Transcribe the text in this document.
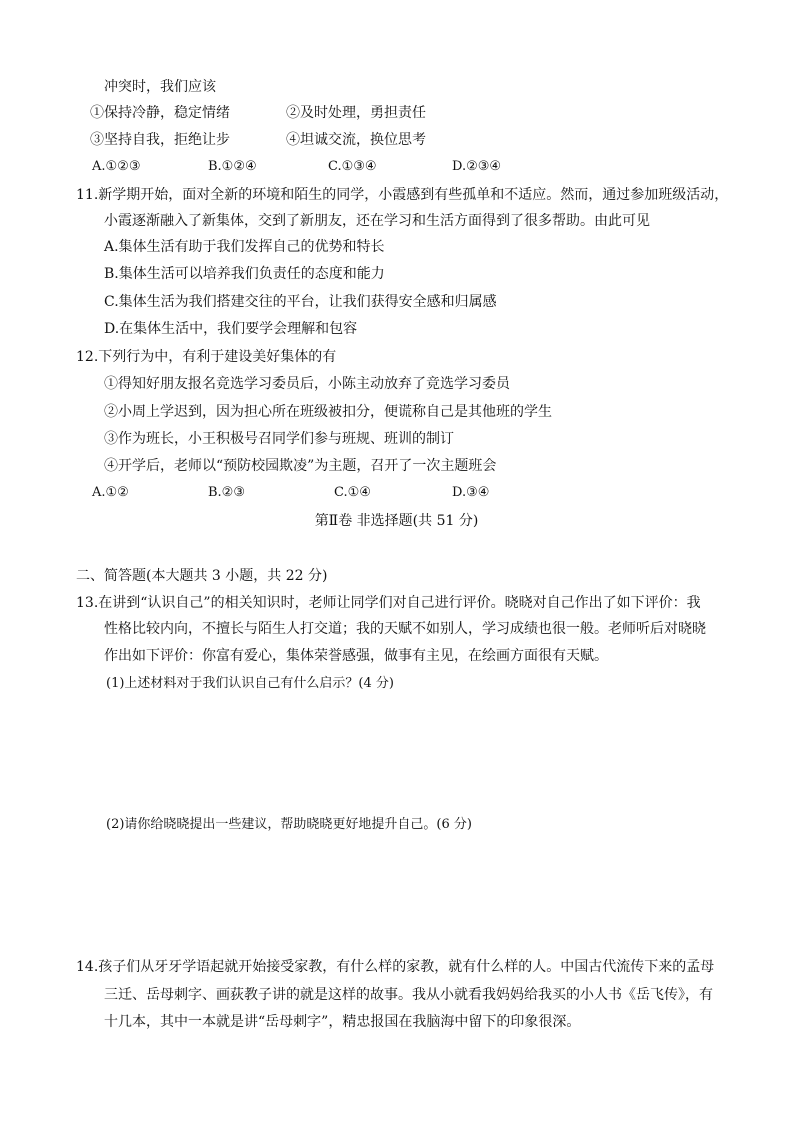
冲突时，我们应该
①保持冷静，稳定情绪	②及时处理，勇担责任
③坚持自我，拒绝让步	④坦诚交流，换位思考
A.①②③	B.①②④	C.①③④	D.②③④
11.新学期开始，面对全新的环境和陌生的同学，小霞感到有些孤单和不适应。然而，通过参加班级活动，
小霞逐渐融入了新集体，交到了新朋友，还在学习和生活方面得到了很多帮助。由此可见
A.集体生活有助于我们发挥自己的优势和特长
B.集体生活可以培养我们负责任的态度和能力
C.集体生活为我们搭建交往的平台，让我们获得安全感和归属感
D.在集体生活中，我们要学会理解和包容
12.下列行为中，有利于建设美好集体的有
①得知好朋友报名竞选学习委员后，小陈主动放弃了竞选学习委员
②小周上学迟到，因为担心所在班级被扣分，便谎称自己是其他班的学生
③作为班长，小王积极号召同学们参与班规、班训的制订
④开学后，老师以“预防校园欺凌”为主题，召开了一次主题班会
A.①②	B.②③	C.①④	D.③④
第Ⅱ卷 非选择题(共 51 分)
二、简答题(本大题共 3 小题，共 22 分)
13.在讲到“认识自己”的相关知识时，老师让同学们对自己进行评价。晓晓对自己作出了如下评价：我
性格比较内向，不擅长与陌生人打交道；我的天赋不如别人，学习成绩也很一般。老师听后对晓晓
作出如下评价：你富有爱心，集体荣誉感强，做事有主见，在绘画方面很有天赋。
(1)上述材料对于我们认识自己有什么启示？(4 分)
(2)请你给晓晓提出一些建议，帮助晓晓更好地提升自己。(6 分)
14.孩子们从牙牙学语起就开始接受家教，有什么样的家教，就有什么样的人。中国古代流传下来的孟母
三迁、岳母刺字、画荻教子讲的就是这样的故事。我从小就看我妈妈给我买的小人书《岳飞传》，有
十几本，其中一本就是讲“岳母刺字”，精忠报国在我脑海中留下的印象很深。
